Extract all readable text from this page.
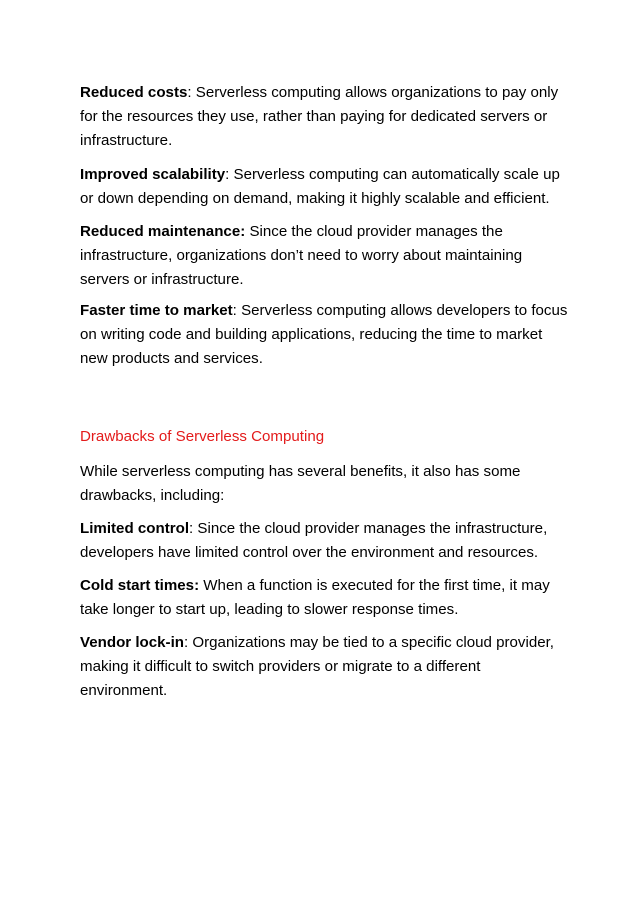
Reduced costs: Serverless computing allows organizations to pay only for the resources they use, rather than paying for dedicated servers or infrastructure.

Improved scalability: Serverless computing can automatically scale up or down depending on demand, making it highly scalable and efficient.

Reduced maintenance: Since the cloud provider manages the infrastructure, organizations don’t need to worry about maintaining servers or infrastructure.

Faster time to market: Serverless computing allows developers to focus on writing code and building applications, reducing the time to market new products and services.

Drawbacks of Serverless Computing

While serverless computing has several benefits, it also has some drawbacks, including:

Limited control: Since the cloud provider manages the infrastructure, developers have limited control over the environment and resources.

Cold start times: When a function is executed for the first time, it may take longer to start up, leading to slower response times.

Vendor lock-in: Organizations may be tied to a specific cloud provider, making it difficult to switch providers or migrate to a different environment.
